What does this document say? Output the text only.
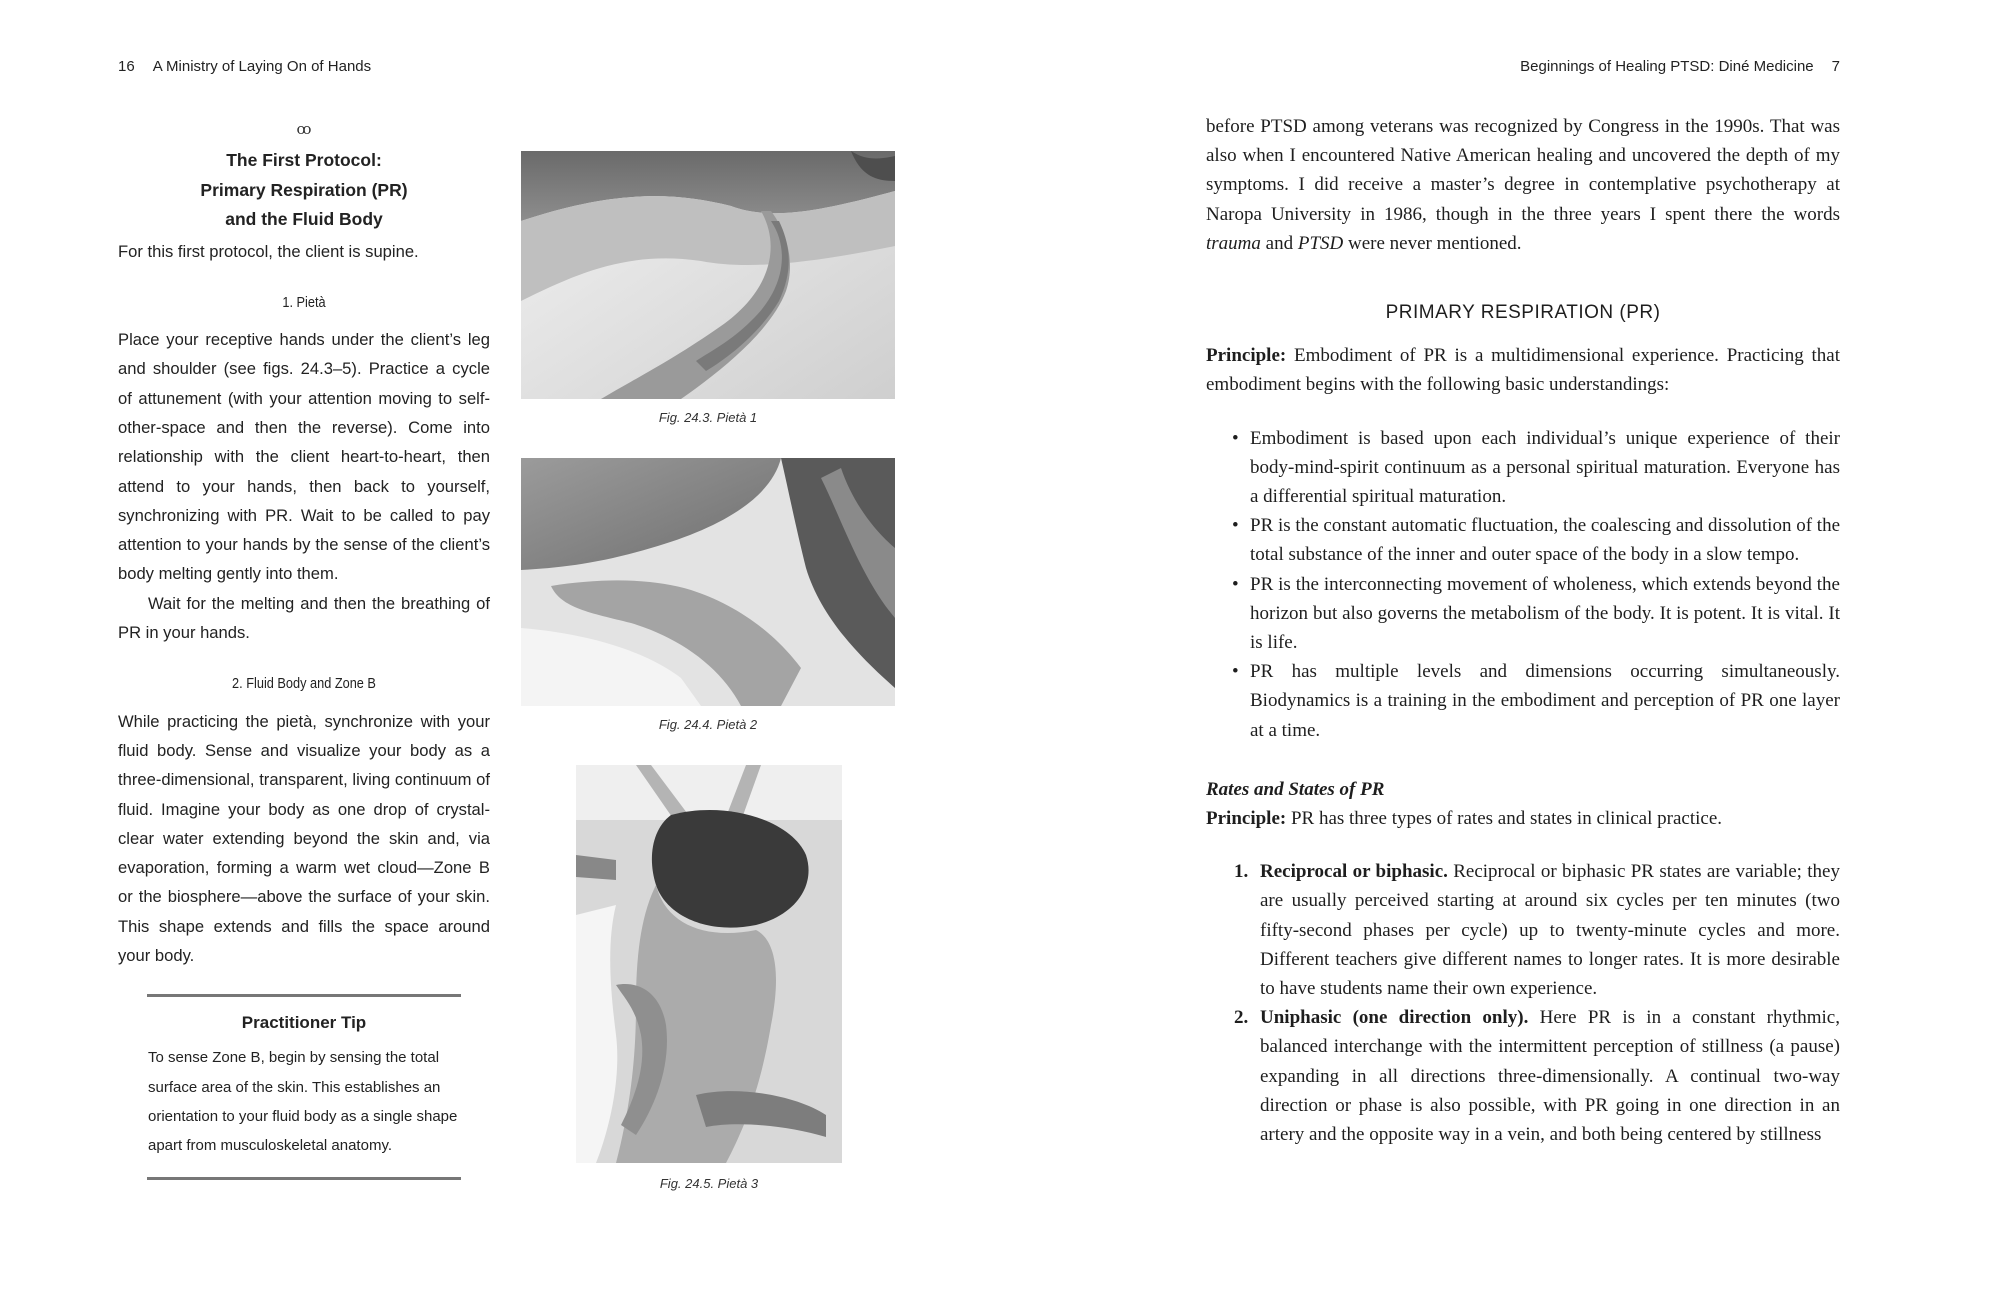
16 A Ministry of Laying On of Hands
ꝏ
The First Protocol:
Primary Respiration (PR)
and the Fluid Body

For this first protocol, the client is supine.

1. Pietà

Place your receptive hands under the client’s leg and shoulder (see figs. 24.3–5). Practice a cycle of attunement (with your attention moving to self-other-space and then the reverse). Come into relationship with the client heart-to-heart, then attend to your hands, then back to yourself, synchronizing with PR. Wait to be called to pay attention to your hands by the sense of the client’s body melting gently into them.

Wait for the melting and then the breathing of PR in your hands.

2. Fluid Body and Zone B

While practicing the pietà, synchronize with your fluid body. Sense and visualize your body as a three-dimensional, transparent, living continuum of fluid. Imagine your body as one drop of crystal-clear water extending beyond the skin and, via evaporation, forming a warm wet cloud—Zone B or the biosphere—above the surface of your skin. This shape extends and fills the space around your body.

Practitioner Tip
To sense Zone B, begin by sensing the total surface area of the skin. This establishes an orientation to your fluid body as a single shape apart from musculoskeletal anatomy.
Fig. 24.3. Pietà 1
Fig. 24.4. Pietà 2
Fig. 24.5. Pietà 3
Beginnings of Healing PTSD: Diné Medicine 7

before PTSD among veterans was recognized by Congress in the 1990s. That was also when I encountered Native American healing and uncovered the depth of my symptoms. I did receive a master’s degree in contemplative psychotherapy at Naropa University in 1986, though in the three years I spent there the words trauma and PTSD were never mentioned.

PRIMARY RESPIRATION (PR)

Principle: Embodiment of PR is a multidimensional experience. Practicing that embodiment begins with the following basic understandings:

• Embodiment is based upon each individual’s unique experience of their body-mind-spirit continuum as a personal spiritual maturation. Everyone has a differential spiritual maturation.
• PR is the constant automatic fluctuation, the coalescing and dissolution of the total substance of the inner and outer space of the body in a slow tempo.
• PR is the interconnecting movement of wholeness, which extends beyond the horizon but also governs the metabolism of the body. It is potent. It is vital. It is life.
• PR has multiple levels and dimensions occurring simultaneously. Biodynamics is a training in the embodiment and perception of PR one layer at a time.
Rates and States of PR

Principle: PR has three types of rates and states in clinical practice.

1. Reciprocal or biphasic. Reciprocal or biphasic PR states are variable; they are usually perceived starting at around six cycles per ten minutes (two fifty-second phases per cycle) up to twenty-minute cycles and more. Different teachers give different names to longer rates. It is more desirable to have students name their own experience.
2. Uniphasic (one direction only). Here PR is in a constant rhythmic, balanced interchange with the intermittent perception of stillness (a pause) expanding in all directions three-dimensionally. A continual two-way direction or phase is also possible, with PR going in one direction in an artery and the opposite way in a vein, and both being centered by stillness
